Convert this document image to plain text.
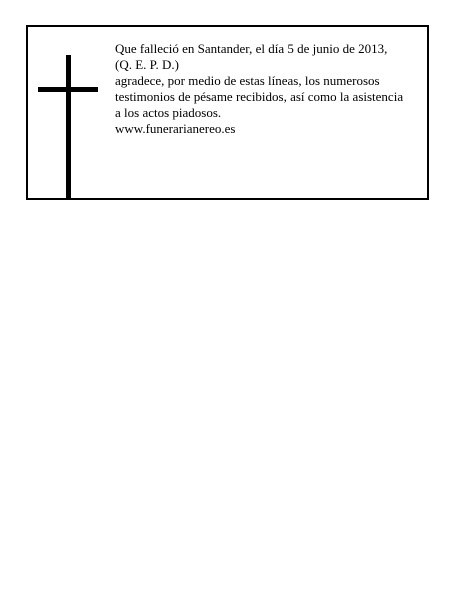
Que falleció en Santander, el día 5 de junio de 2013,
(Q. E. P. D.)
agradece, por medio de estas líneas, los numerosos
testimonios de pésame recibidos, así como la asistencia
a los actos piadosos.
www.funerarianereo.es
